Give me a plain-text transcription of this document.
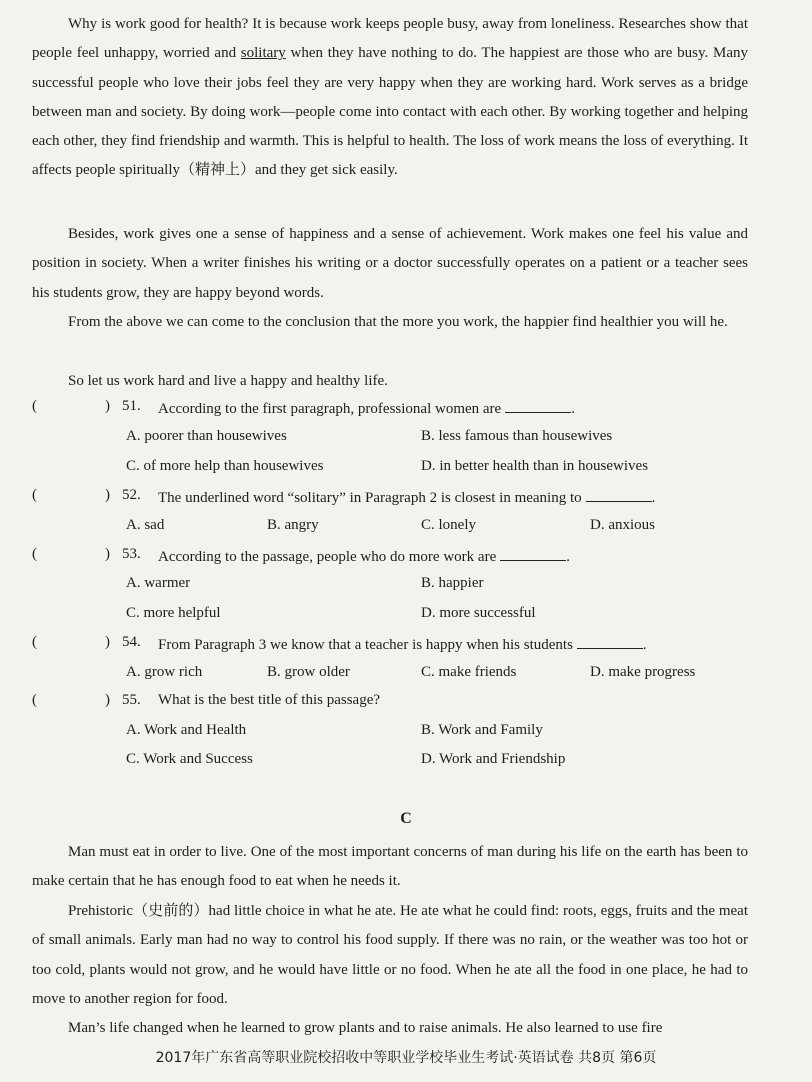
Why is work good for health? It is because work keeps people busy, away from loneliness. Researches show that people feel unhappy, worried and solitary when they have nothing to do. The happiest are those who are busy. Many successful people who love their jobs feel they are very happy when they are working hard. Work serves as a bridge between man and society. By doing work—people come into contact with each other. By working together and helping each other, they find friendship and warmth. This is helpful to health. The loss of work means the loss of everything. It affects people spiritually（精神上）and they get sick easily.
Besides, work gives one a sense of happiness and a sense of achievement. Work makes one feel his value and position in society. When a writer finishes his writing or a doctor successfully operates on a patient or a teacher sees his students grow, they are happy beyond words.
From the above we can come to the conclusion that the more you work, the happier find healthier you will he.
So let us work hard and live a happy and healthy life.
(	) 51. According to the first paragraph, professional women are	.
A. poorer than housewives	B. less famous than housewives
C. of more help than housewives	D. in better health than in housewives
(	) 52. The underlined word “solitary” in Paragraph 2 is closest in meaning to	.
A. sad	B. angry	C. lonely	D. anxious
(	) 53. According to the passage, people who do more work are	.
A. warmer	B. happier
C. more helpful	D. more successful
(	) 54. From Paragraph 3 we know that a teacher is happy when his students	.
A. grow rich	B. grow older	C. make friends	D. make progress
(	) 55. What is the best title of this passage?
A. Work and Health	B. Work and Family
C. Work and Success	D. Work and Friendship
C
Man must eat in order to live. One of the most important concerns of man during his life on the earth has been to make certain that he has enough food to eat when he needs it.
Prehistoric（史前的）had little choice in what he ate. He ate what he could find: roots, eggs, fruits and the meat of small animals. Early man had no way to control his food supply. If there was no rain, or the weather was too hot or too cold, plants would not grow, and he would have little or no food. When he ate all the food in one place, he had to move to another region for food.
Man’s life changed when he learned to grow plants and to raise animals. He also learned to use fire
2017年广东省高等职业院校招收中等职业学校毕业生考试·英语试卷 共8页 第6页
